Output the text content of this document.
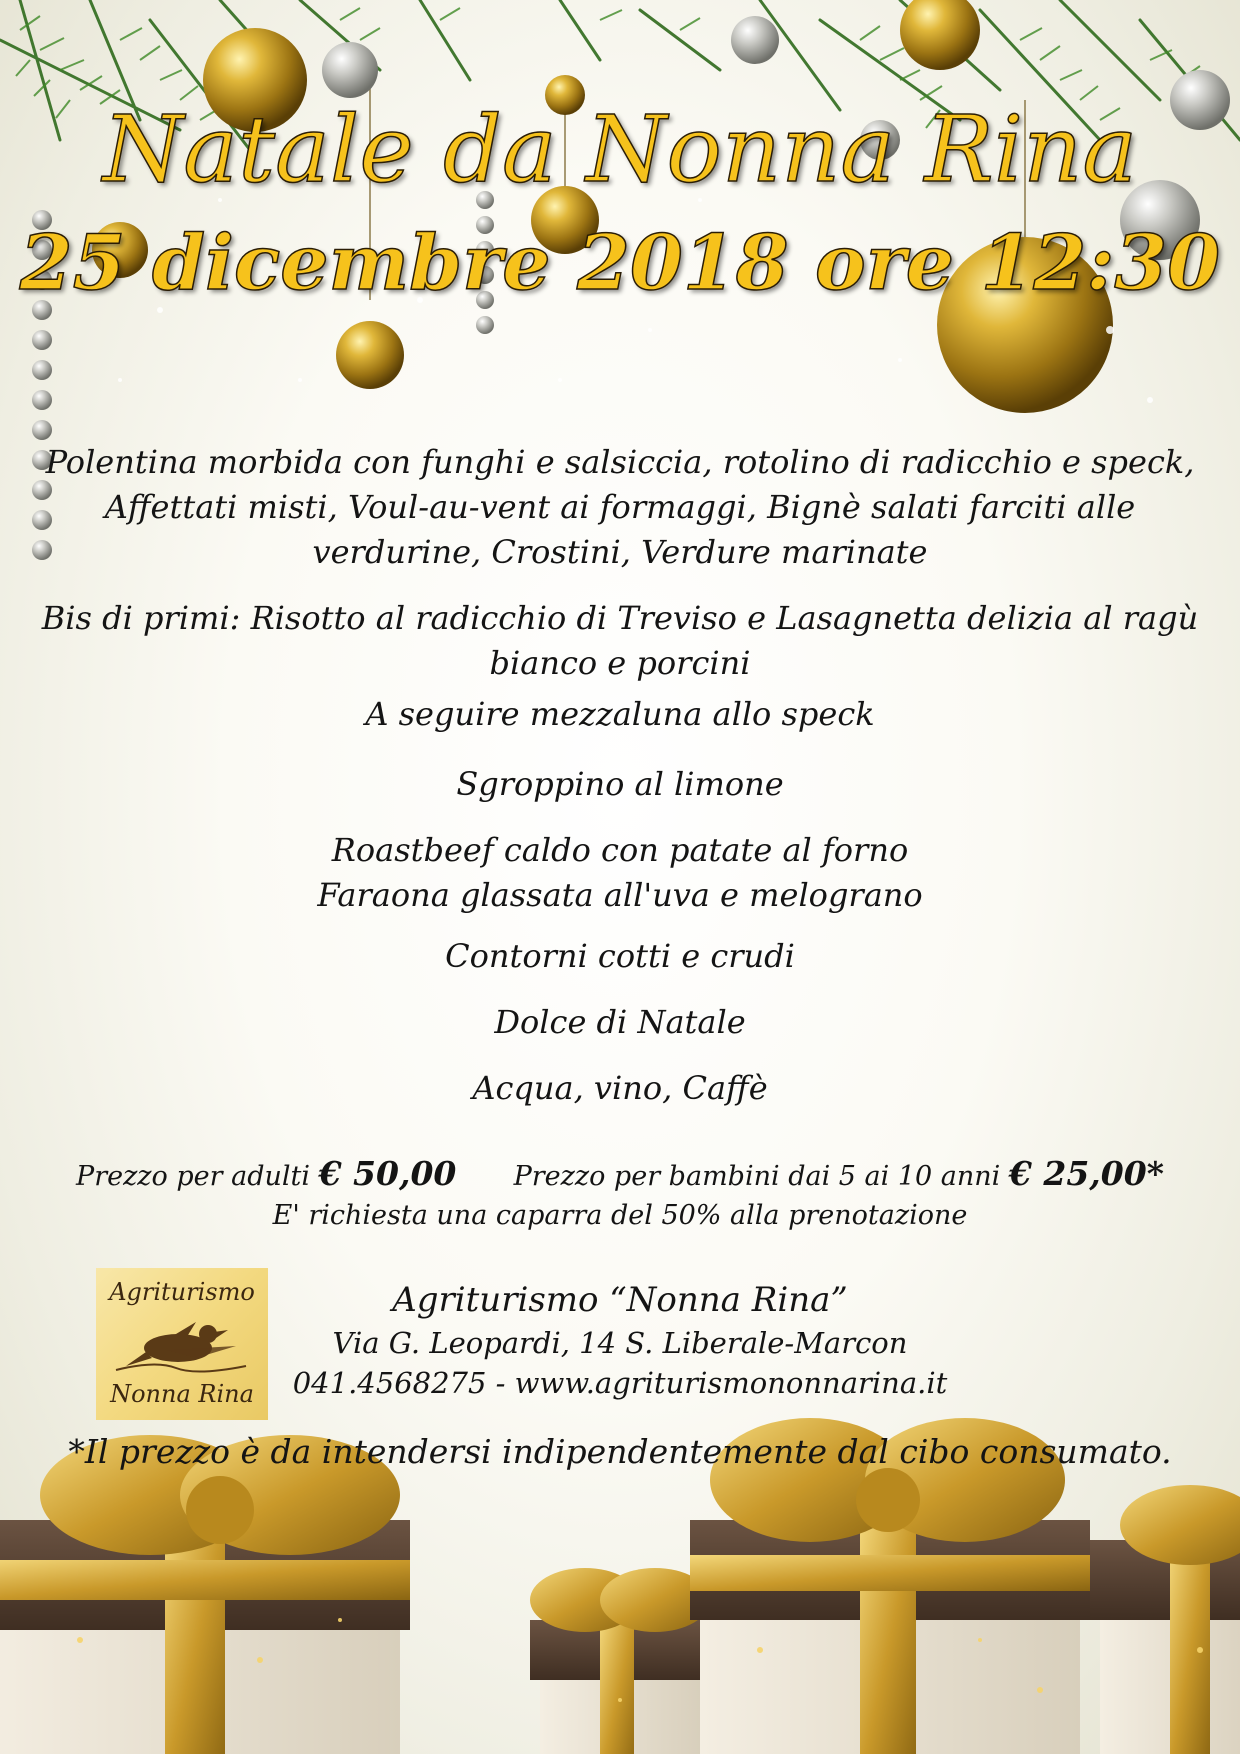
Natale da Nonna Rina
25 dicembre 2018 ore 12:30

Polentina morbida con funghi e salsiccia, rotolino di radicchio e speck, Affettati misti, Voul-au-vent ai formaggi, Bignè salati farciti alle verdurine, Crostini, Verdure marinate

Bis di primi: Risotto al radicchio di Treviso e Lasagnetta delizia al ragù bianco e porcini

A seguire mezzaluna allo speck

Sgroppino al limone

Roastbeef caldo con patate al forno

Faraona glassata all'uva e melograno

Contorni cotti e crudi

Dolce di Natale

Acqua, vino, Caffè

Prezzo per adulti € 50,00 Prezzo per bambini dai 5 ai 10 anni € 25,00*
E' richiesta una caparra del 50% alla prenotazione
Agriturismo
Nonna Rina
Agriturismo “Nonna Rina”
Via G. Leopardi, 14 S. Liberale-Marcon
041.4568275 - www.agriturismononnarina.it
*Il prezzo è da intendersi indipendentemente dal cibo consumato.
